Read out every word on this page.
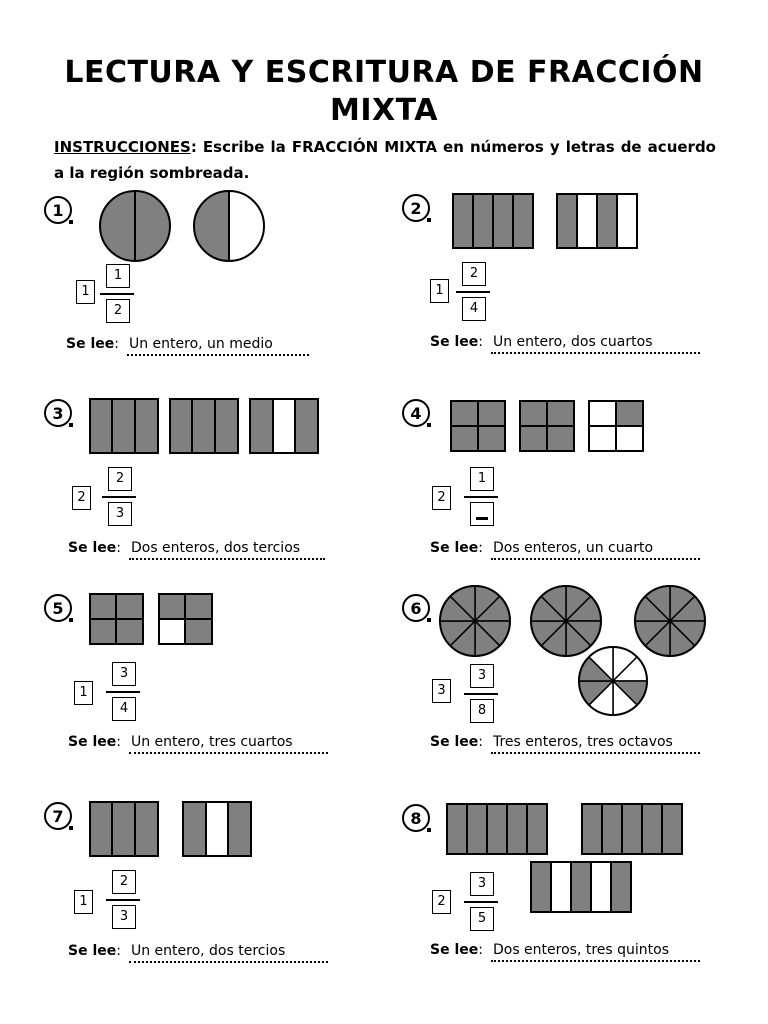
LECTURA Y ESCRITURA DE FRACCIÓN
MIXTA
INSTRUCCIONES: Escribe la FRACCIÓN MIXTA en números y letras de acuerdo a la región sombreada.
1
$1 \frac{1}{2}$
Se lee: Un entero, un medio
2
$1 \frac{2}{4}$
Se lee: Un entero, dos cuartos
3
2	$\frac{2}{3}$
Se lee: Dos enteros, dos tercios
4
2
1
Se lee: Dos enteros, un cuarto
5
1	$\frac{3}{4}$
Se lee: Un entero, tres cuartos
6
3	$\frac{3}{8}$
Se lee: Tres enteros, tres octavos
7
1	$\frac{2}{3}$
Se lee: Un entero, dos tercios
8
2	$\frac{3}{5}$
Se lee: Dos enteros, tres quintos
